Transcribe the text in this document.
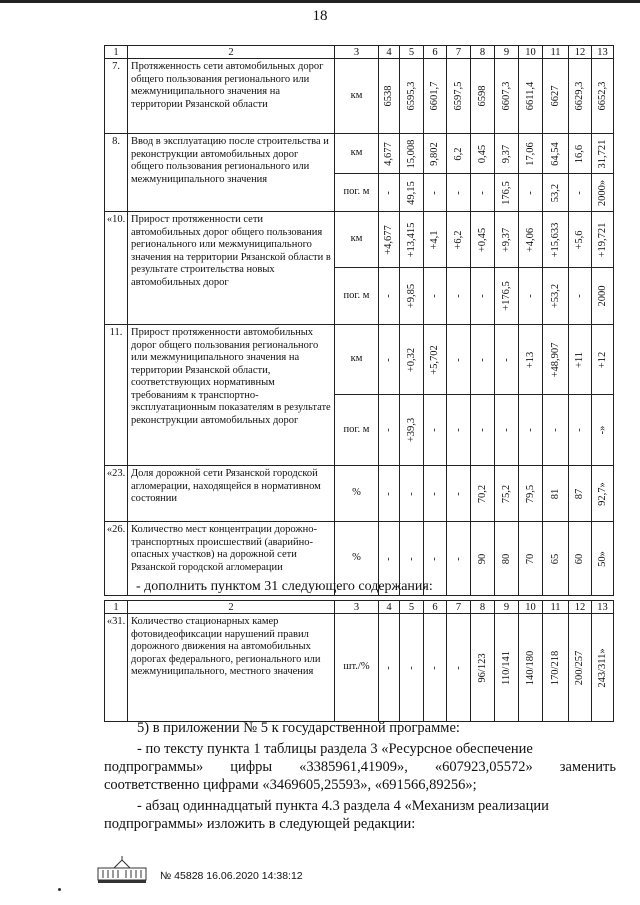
18
1	2	3	4	5	6	7	8	9	10	11	12	13
7.	Протяженность сети автомобильных дорог общего пользования регионального или межмуниципального значения на территории Рязанской области	км	6538	6595,3	6601,7	6597,5	6598	6607,3	6611,4	6627	6629,3	6652,3

8.	Ввод в эксплуатацию после строительства и реконструкции автомобильных дорог общего пользования регионального или межмуниципального значения	км	4,677	15,008	9,802	6,2	0,45	9,37	17,06	64,54	16,6	31,721

		пог. м	-	49,15	-	-	-	176,5	-	53,2	-	2000»

«10.	Прирост протяженности сети автомобильных дорог общего пользования регионального или межмуниципального значения на территории Рязанской области в результате строительства новых автомобильных дорог	км	+4,677	+13,415	+4,1	+6,2	+0,45	+9,37	+4,06	+15,633	+5,6	+19,721

		пог. м	-	+9,85	-	-	-	+176,5	-	+53,2	-	2000

11.	Прирост протяженности автомобильных дорог общего пользования регионального или межмуниципального значения на территории Рязанской области, соответствующих нормативным требованиям к транспортно-эксплуатационным показателям в результате реконструкции автомобильных дорог	км	-	+0,32	+5,702	-	-	-	+13	+48,907	+11	+12

		пог. м	-	+39,3	-	-	-	-	-	-	-	-»

«23.	Доля дорожной сети Рязанской городской агломерации, находящейся в нормативном состоянии	%	-	-	-	-	70,2	75,2	79,5	81	87	92,7»

«26.	Количество мест концентрации дорожно-транспортных происшествий (аварийно-опасных участков) на дорожной сети Рязанской городской агломерации	%	-	-	-	-	90	80	70	65	60	50»
- дополнить пунктом 31 следующего содержания:
1	2	3	4	5	6	7	8	9	10	11	12	13
«31.	Количество стационарных камер фотовидеофиксации нарушений правил дорожного движения на автомобильных дорогах федерального, регионального или межмуниципального, местного значения	шт./%	-	-	-	-	96/123	110/141	140/180	170/218	200/257	243/311»
5) в приложении № 5 к государственной программе:
- по тексту пункта 1 таблицы раздела 3 «Ресурсное обеспечение
подпрограммы» цифры «3385961,41909», «607923,05572» заменить соответственно цифрами «3469605,25593», «691566,89256»;
- абзац одиннадцатый пункта 4.3 раздела 4 «Механизм реализации
подпрограммы» изложить в следующей редакции:
№ 45828 16.06.2020 14:38:12
